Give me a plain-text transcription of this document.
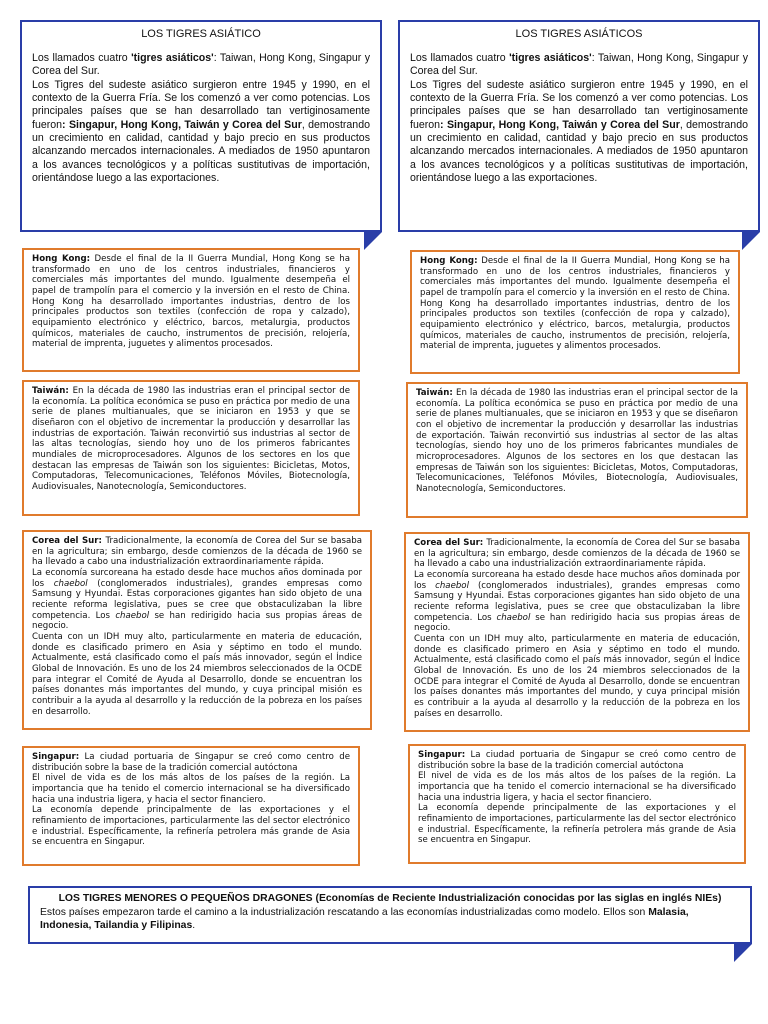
LOS TIGRES ASIÁTICO

Los llamados cuatro 'tigres asiáticos': Taiwan, Hong Kong, Singapur y Corea del Sur.

Los Tigres del sudeste asiático surgieron entre 1945 y 1990, en el contexto de la Guerra Fría. Se los comenzó a ver como potencias. Los principales países que se han desarrollado tan vertiginosamente fueron: Singapur, Hong Kong, Taiwán y Corea del Sur, demostrando un crecimiento en calidad, cantidad y bajo precio en sus productos alcanzando mercados internacionales. A mediados de 1950 apuntaron a los avances tecnológicos y a políticas sustitutivas de importación, orientándose luego a las exportaciones.

Hong Kong: Desde el final de la II Guerra Mundial, Hong Kong se ha transformado en uno de los centros industriales, financieros y comerciales más importantes del mundo. Igualmente desempeña el papel de trampolín para el comercio y la inversión en el resto de China. Hong Kong ha desarrollado importantes industrias, dentro de los principales productos son textiles (confección de ropa y calzado), equipamiento electrónico y eléctrico, barcos, metalurgia, productos químicos, materiales de caucho, instrumentos de precisión, relojería, material de imprenta, juguetes y alimentos procesados.

Taiwán: En la década de 1980 las industrias eran el principal sector de la economía. La política económica se puso en práctica por medio de una serie de planes multianuales, que se iniciaron en 1953 y que se diseñaron con el objetivo de incrementar la producción y desarrollar las industrias de exportación. Taiwán reconvirtió sus industrias al sector de las altas tecnologías, siendo hoy uno de los primeros fabricantes mundiales de microprocesadores. Algunos de los sectores en los que destacan las empresas de Taiwán son los siguientes: Bicicletas, Motos, Computadoras, Telecomunicaciones, Teléfonos Móviles, Biotecnología, Audiovisuales, Nanotecnología, Semiconductores.

Corea del Sur: Tradicionalmente, la economía de Corea del Sur se basaba en la agricultura; sin embargo, desde comienzos de la década de 1960 se ha llevado a cabo una industrialización extraordinariamente rápida.

La economía surcoreana ha estado desde hace muchos años dominada por los chaebol (conglomerados industriales), grandes empresas como Samsung y Hyundai. Estas corporaciones gigantes han sido objeto de una reciente reforma legislativa, pues se cree que obstaculizaban la libre competencia. Los chaebol se han redirigido hacia sus propias áreas de negocio.

Cuenta con un IDH muy alto, particularmente en materia de educación, donde es clasificado primero en Asia y séptimo en todo el mundo. Actualmente, está clasificado como el país más innovador, según el Índice Global de Innovación. Es uno de los 24 miembros seleccionados de la OCDE para integrar el Comité de Ayuda al Desarrollo, donde se encuentran los países donantes más importantes del mundo, y cuya principal misión es contribuir a la ayuda al desarrollo y la reducción de la pobreza en los países en desarrollo.

Singapur: La ciudad portuaria de Singapur se creó como centro de distribución sobre la base de la tradición comercial autóctona

El nivel de vida es de los más altos de los países de la región. La importancia que ha tenido el comercio internacional se ha diversificado hacia una industria ligera, y hacia el sector financiero.

La economía depende principalmente de las exportaciones y el refinamiento de importaciones, particularmente las del sector electrónico e industrial. Específicamente, la refinería petrolera más grande de Asia se encuentra en Singapur.

LOS TIGRES ASIÁTICOS

Los llamados cuatro 'tigres asiáticos': Taiwan, Hong Kong, Singapur y Corea del Sur.

Los Tigres del sudeste asiático surgieron entre 1945 y 1990, en el contexto de la Guerra Fría. Se los comenzó a ver como potencias. Los principales países que se han desarrollado tan vertiginosamente fueron: Singapur, Hong Kong, Taiwán y Corea del Sur, demostrando un crecimiento en calidad, cantidad y bajo precio en sus productos alcanzando mercados internacionales. A mediados de 1950 apuntaron a los avances tecnológicos y a políticas sustitutivas de importación, orientándose luego a las exportaciones.

Hong Kong: Desde el final de la II Guerra Mundial, Hong Kong se ha transformado en uno de los centros industriales, financieros y comerciales más importantes del mundo. Igualmente desempeña el papel de trampolín para el comercio y la inversión en el resto de China. Hong Kong ha desarrollado importantes industrias, dentro de los principales productos son textiles (confección de ropa y calzado), equipamiento electrónico y eléctrico, barcos, metalurgia, productos químicos, materiales de caucho, instrumentos de precisión, relojería, material de imprenta, juguetes y alimentos procesados.

Taiwán: En la década de 1980 las industrias eran el principal sector de la economía. La política económica se puso en práctica por medio de una serie de planes multianuales, que se iniciaron en 1953 y que se diseñaron con el objetivo de incrementar la producción y desarrollar las industrias de exportación. Taiwán reconvirtió sus industrias al sector de las altas tecnologías, siendo hoy uno de los primeros fabricantes mundiales de microprocesadores. Algunos de los sectores en los que destacan las empresas de Taiwán son los siguientes: Bicicletas, Motos, Computadoras, Telecomunicaciones, Teléfonos Móviles, Biotecnología, Audiovisuales, Nanotecnología, Semiconductores.

Corea del Sur: Tradicionalmente, la economía de Corea del Sur se basaba en la agricultura; sin embargo, desde comienzos de la década de 1960 se ha llevado a cabo una industrialización extraordinariamente rápida.

La economía surcoreana ha estado desde hace muchos años dominada por los chaebol (conglomerados industriales), grandes empresas como Samsung y Hyundai. Estas corporaciones gigantes han sido objeto de una reciente reforma legislativa, pues se cree que obstaculizaban la libre competencia. Los chaebol se han redirigido hacia sus propias áreas de negocio.

Cuenta con un IDH muy alto, particularmente en materia de educación, donde es clasificado primero en Asia y séptimo en todo el mundo. Actualmente, está clasificado como el país más innovador, según el Índice Global de Innovación. Es uno de los 24 miembros seleccionados de la OCDE para integrar el Comité de Ayuda al Desarrollo, donde se encuentran los países donantes más importantes del mundo, y cuya principal misión es contribuir a la ayuda al desarrollo y la reducción de la pobreza en los países en desarrollo.

Singapur: La ciudad portuaria de Singapur se creó como centro de distribución sobre la base de la tradición comercial autóctona

El nivel de vida es de los más altos de los países de la región. La importancia que ha tenido el comercio internacional se ha diversificado hacia una industria ligera, y hacia el sector financiero.

La economía depende principalmente de las exportaciones y el refinamiento de importaciones, particularmente las del sector electrónico e industrial. Específicamente, la refinería petrolera más grande de Asia se encuentra en Singapur.

LOS TIGRES MENORES O PEQUEÑOS DRAGONES (Economías de Reciente Industrialización conocidas por las siglas en inglés NIEs)
Estos países empezaron tarde el camino a la industrialización rescatando a las economías industrializadas como modelo. Ellos son Malasia, Indonesia, Tailandia y Filipinas.
